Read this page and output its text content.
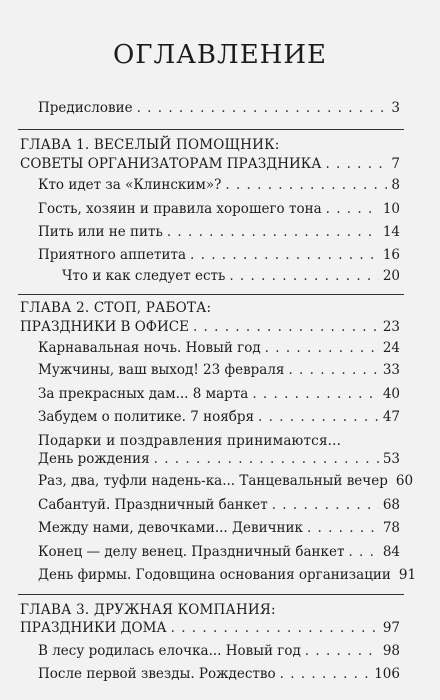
ОГЛАВЛЕНИЕ
Предисловие . . .	3
ГЛАВА 1. ВЕСЕЛЫЙ ПОМОЩНИК:
СОВЕТЫ ОРГАНИЗАТОРАМ ПРАЗДНИКА . . .	7
Кто идет за «Клинским»? . . .	8
Гость, хозяин и правила хорошего тона . . .	10
Пить или не пить . . .	14
Приятного аппетита . . .	16
Что и как следует есть . . .	20
ГЛАВА 2. СТОП, РАБОТА:
ПРАЗДНИКИ В ОФИСЕ . . .	23
Карнавальная ночь. Новый год . . .	24
Мужчины, ваш выход! 23 февраля . . .	33
За прекрасных дам... 8 марта . . .	40
Забудем о политике. 7 ноября . . .	47
Подарки и поздравления принимаются...
День рождения . . .	53
Раз, два, туфли надень-ка... Танцевальный вечер 60
Сабантуй. Праздничный банкет . . .	68
Между нами, девочками... Девичник . . .	78
Конец — делу венец. Праздничный банкет . . .	84
День фирмы. Годовщина основания организации 91
ГЛАВА 3. ДРУЖНАЯ КОМПАНИЯ:
ПРАЗДНИКИ ДОМА . . .	97
В лесу родилась елочка... Новый год . . .	98
После первой звезды. Рождество . . .	106
